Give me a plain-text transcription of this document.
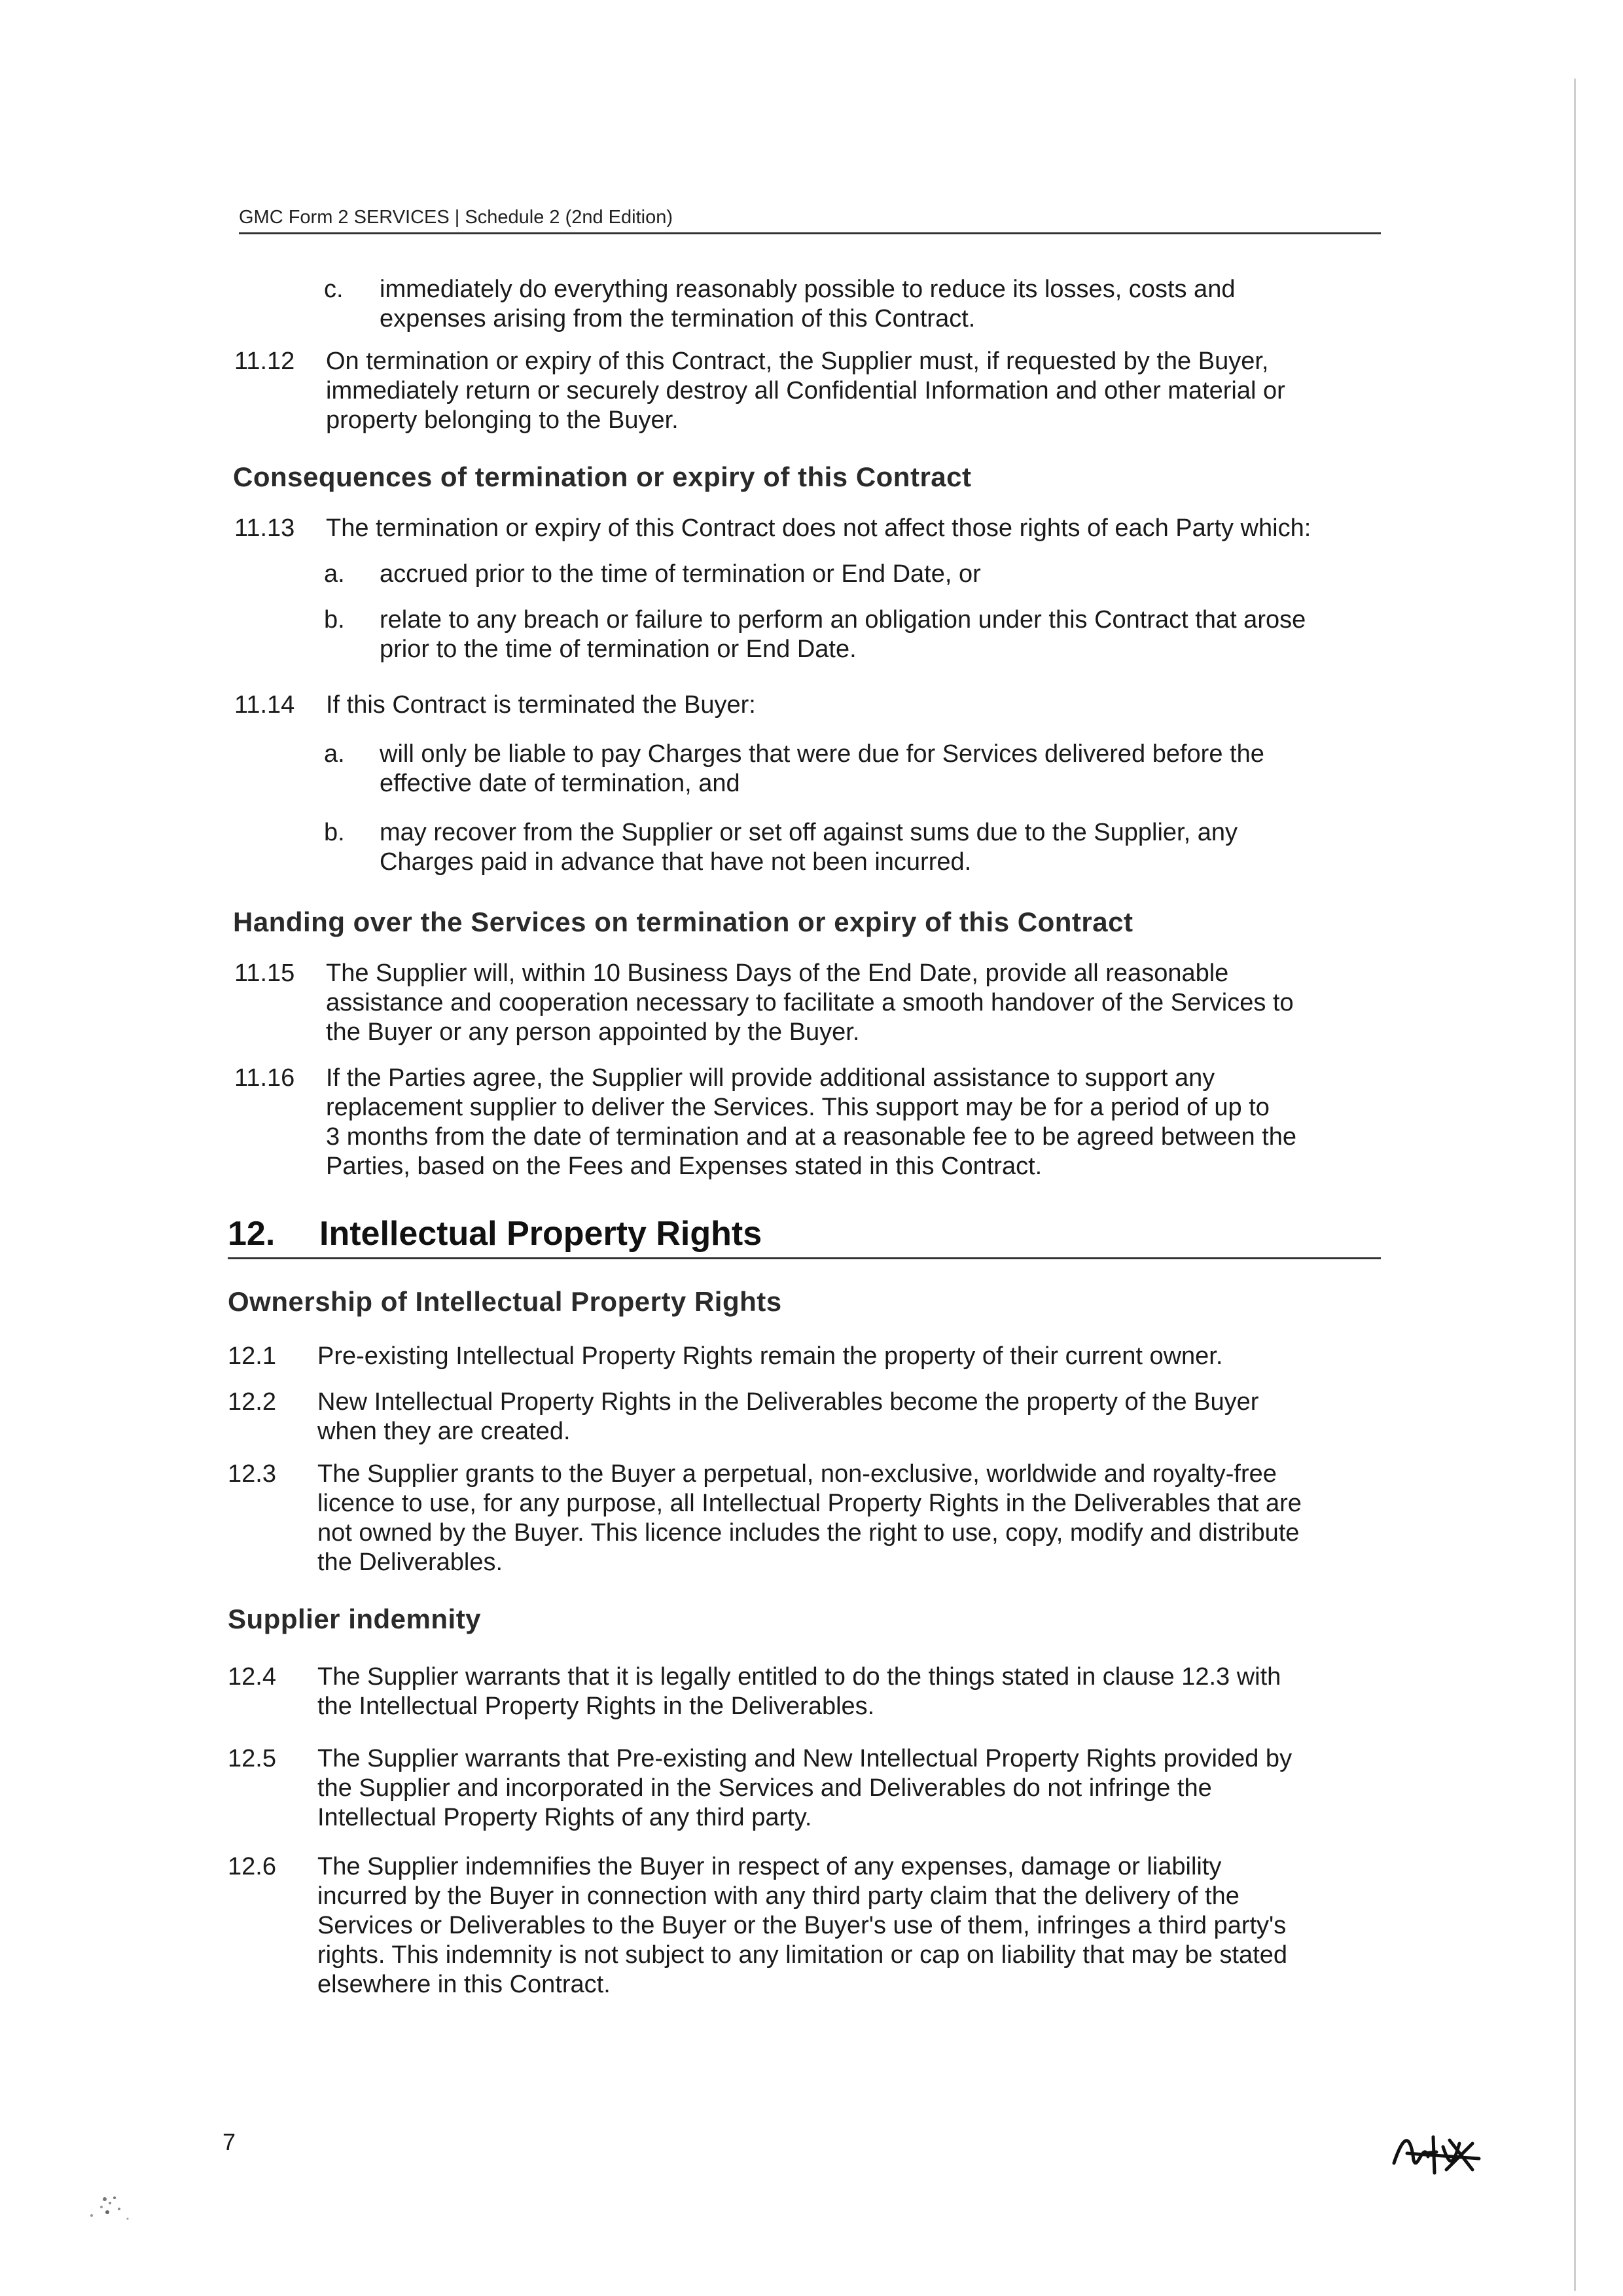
GMC Form 2 SERVICES | Schedule 2 (2nd Edition)
c. immediately do everything reasonably possible to reduce its losses, costs and
expenses arising from the termination of this Contract.
11.12 On termination or expiry of this Contract, the Supplier must, if requested by the Buyer,
immediately return or securely destroy all Confidential Information and other material or
property belonging to the Buyer.
Consequences of termination or expiry of this Contract
11.13 The termination or expiry of this Contract does not affect those rights of each Party which:
a. accrued prior to the time of termination or End Date, or
b. relate to any breach or failure to perform an obligation under this Contract that arose
prior to the time of termination or End Date.
11.14 If this Contract is terminated the Buyer:
a. will only be liable to pay Charges that were due for Services delivered before the
effective date of termination, and
b. may recover from the Supplier or set off against sums due to the Supplier, any
Charges paid in advance that have not been incurred.
Handing over the Services on termination or expiry of this Contract
11.15 The Supplier will, within 10 Business Days of the End Date, provide all reasonable
assistance and cooperation necessary to facilitate a smooth handover of the Services to
the Buyer or any person appointed by the Buyer.
11.16 If the Parties agree, the Supplier will provide additional assistance to support any
replacement supplier to deliver the Services. This support may be for a period of up to
3 months from the date of termination and at a reasonable fee to be agreed between the
Parties, based on the Fees and Expenses stated in this Contract.
12. Intellectual Property Rights
Ownership of Intellectual Property Rights
12.1 Pre-existing Intellectual Property Rights remain the property of their current owner.
12.2 New Intellectual Property Rights in the Deliverables become the property of the Buyer
when they are created.
12.3 The Supplier grants to the Buyer a perpetual, non-exclusive, worldwide and royalty-free
licence to use, for any purpose, all Intellectual Property Rights in the Deliverables that are
not owned by the Buyer. This licence includes the right to use, copy, modify and distribute
the Deliverables.
Supplier indemnity
12.4 The Supplier warrants that it is legally entitled to do the things stated in clause 12.3 with
the Intellectual Property Rights in the Deliverables.
12.5 The Supplier warrants that Pre-existing and New Intellectual Property Rights provided by
the Supplier and incorporated in the Services and Deliverables do not infringe the
Intellectual Property Rights of any third party.
12.6 The Supplier indemnifies the Buyer in respect of any expenses, damage or liability
incurred by the Buyer in connection with any third party claim that the delivery of the
Services or Deliverables to the Buyer or the Buyer's use of them, infringes a third party's
rights. This indemnity is not subject to any limitation or cap on liability that may be stated
elsewhere in this Contract.
7
